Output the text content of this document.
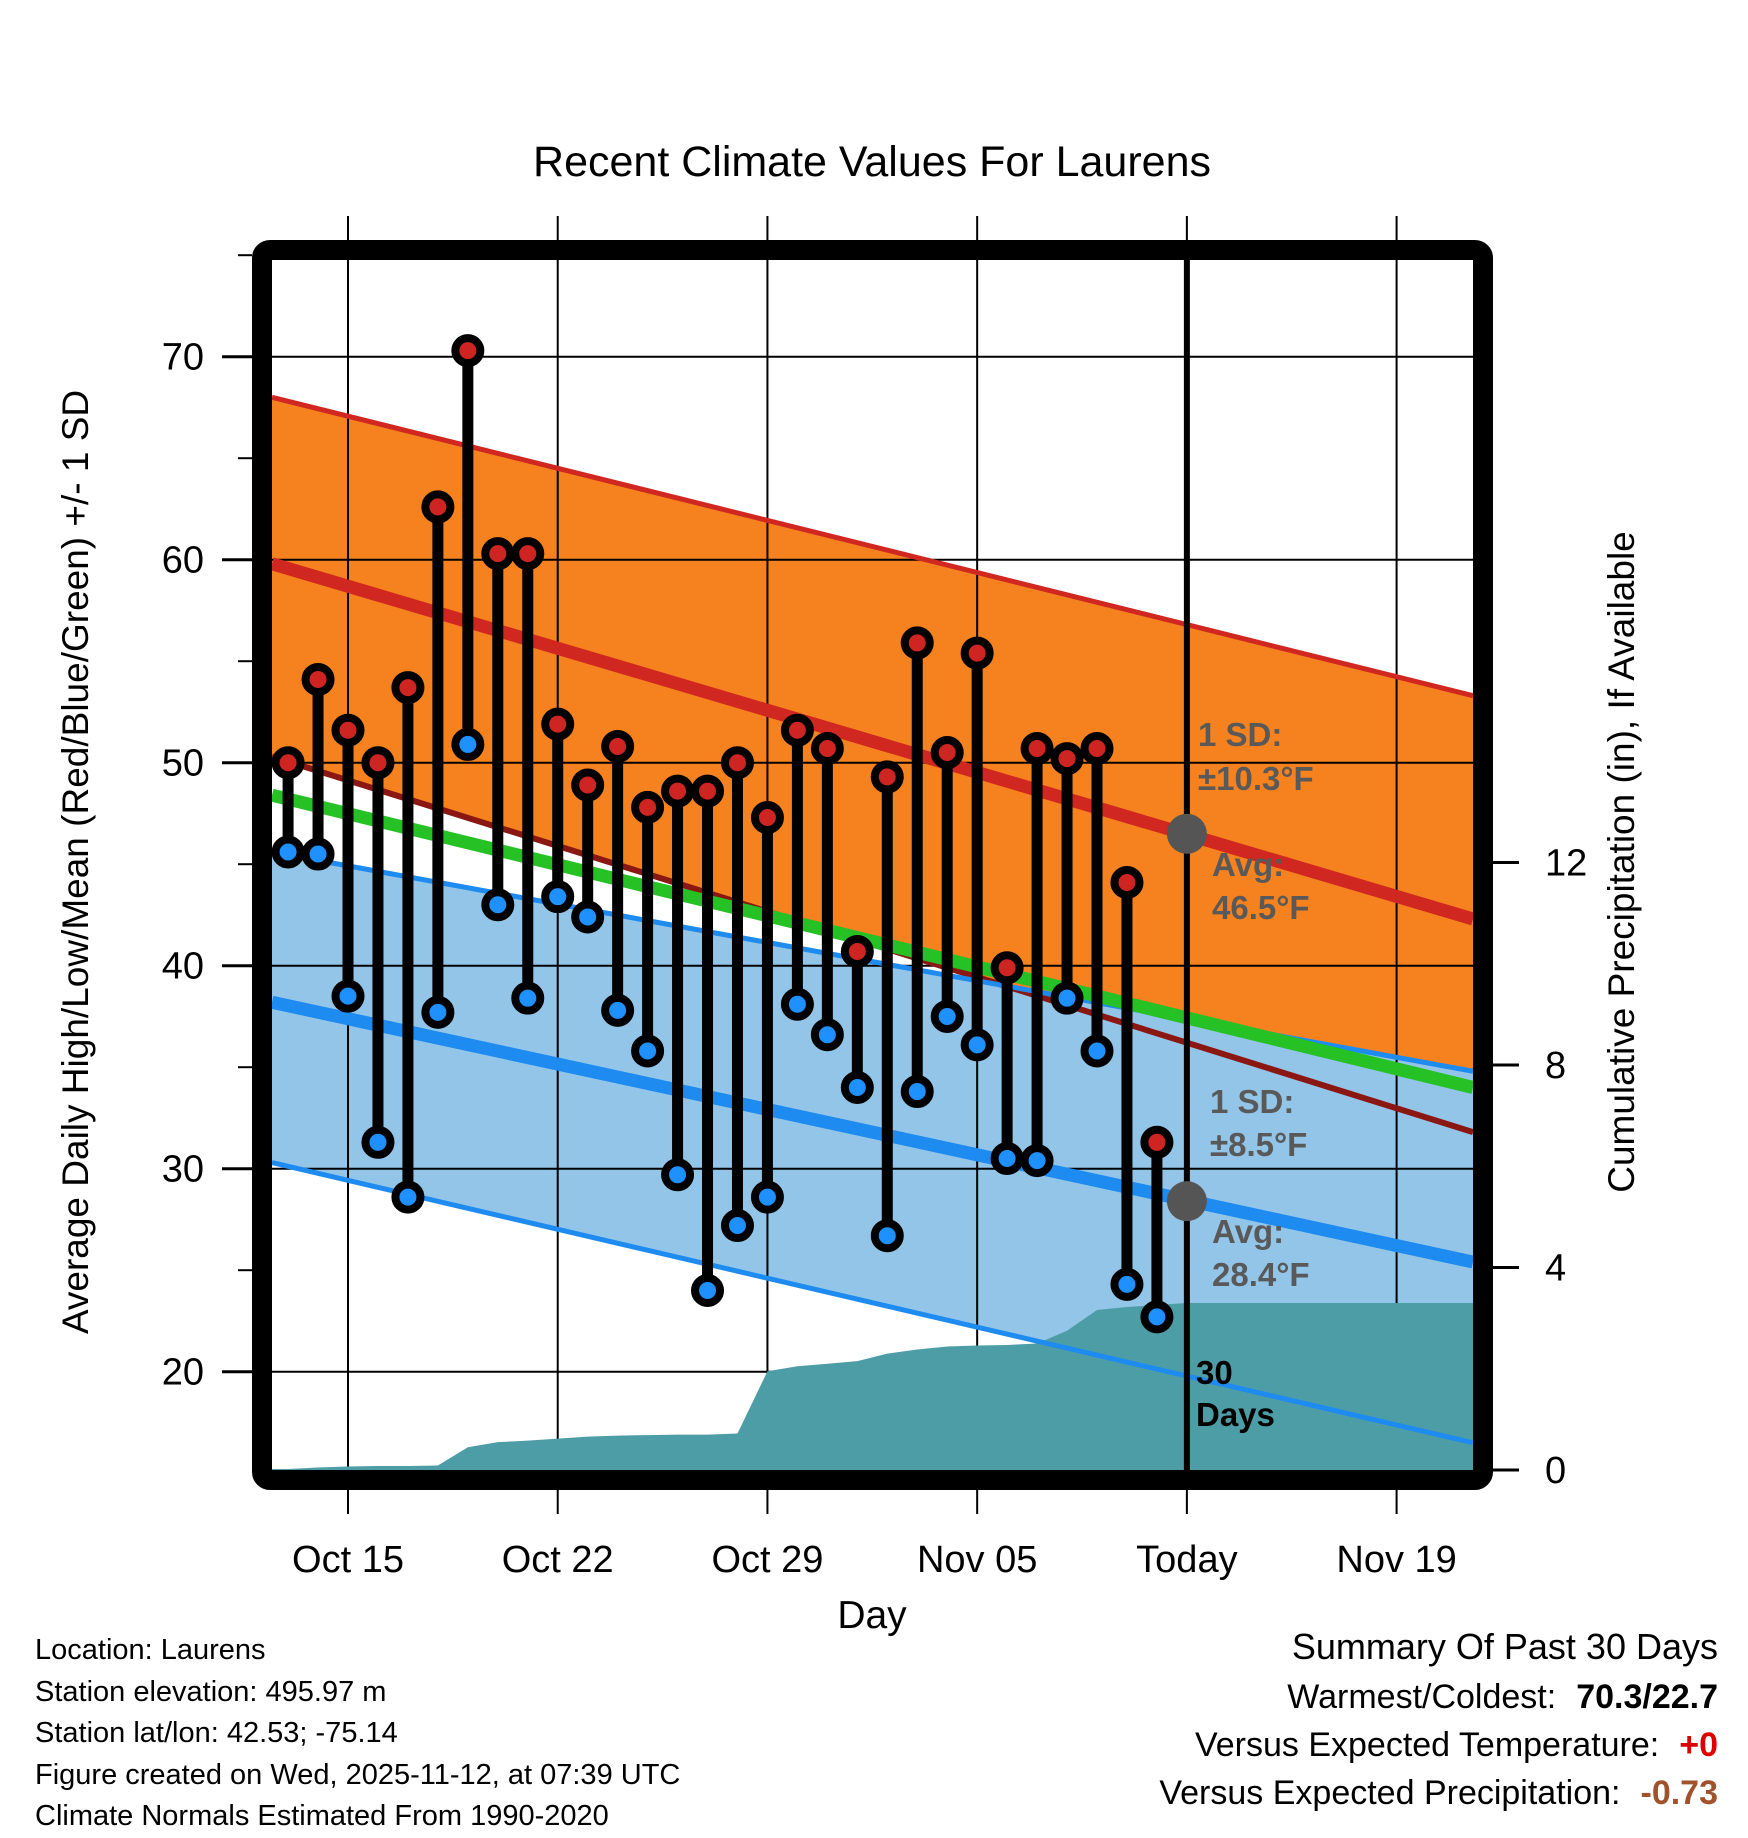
Recent Climate Values For Laurens
Average Daily High/Low/Mean (Red/Blue/Green) +/- 1 SD	Cumulative Precipitation (in), If Available
Day
20
30
40
50
60
70
0
4
8
12
Oct 15	Oct 22	Oct 29 Nov 05	Today	Nov 19
1 SD:
±10.3°F
Avg:
46.5°F
1 SD:
±8.5°F
Avg:
28.4°F
30
Days
Location: Laurens
Station elevation: 495.97 m
Station lat/lon: 42.53; -75.14
Figure created on Wed, 2025-11-12, at 07:39 UTC
Climate Normals Estimated From 1990-2020
Summary Of Past 30 Days
Warmest/Coldest: 70.3/22.7
Versus Expected Temperature: +0
Versus Expected Precipitation: -0.73
